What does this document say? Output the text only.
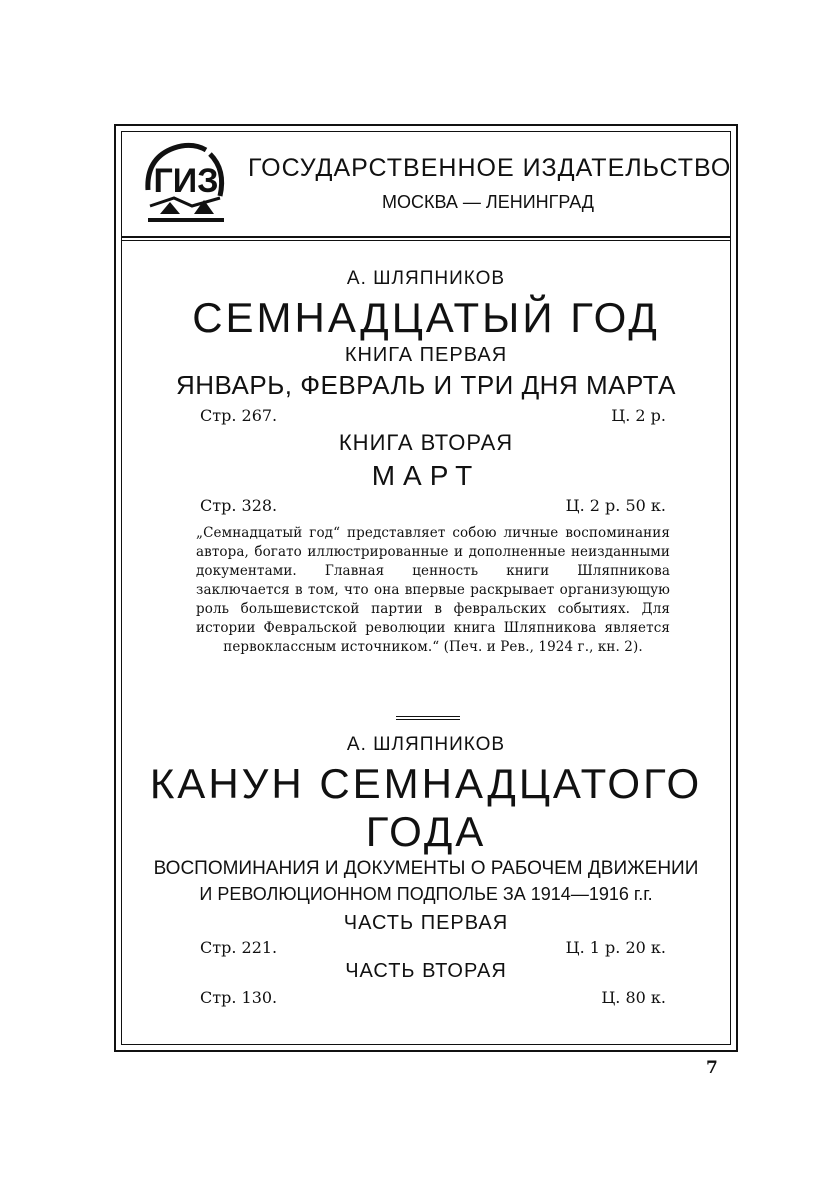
ГИЗ ГОСУДАРСТВЕННОЕ ИЗДАТЕЛЬСТВО
МОСКВА — ЛЕНИНГРАД
А. ШЛЯПНИКОВ
СЕМНАДЦАТЫЙ ГОД
КНИГА ПЕРВАЯ
ЯНВАРЬ, ФЕВРАЛЬ И ТРИ ДНЯ МАРТА
Стр. 267.	Ц. 2 р.
КНИГА ВТОРАЯ
МАРТ
Стр. 328.	Ц. 2 р. 50 к.
„Семнадцатый год“ представляет собою личные воспоминания автора, богато иллюстрированные и дополненные неизданными документами. Главная ценность книги Шляпникова заключается в том, что она впервые раскрывает организующую роль большевистской партии в февральских событиях. Для истории Февральской революции книга Шляпникова является первоклассным источником.“ (Печ. и Рев., 1924 г., кн. 2).
А. ШЛЯПНИКОВ
КАНУН СЕМНАДЦАТОГО
ГОДА
ВОСПОМИНАНИЯ И ДОКУМЕНТЫ О РАБОЧЕМ ДВИЖЕНИИ
И РЕВОЛЮЦИОННОМ ПОДПОЛЬЕ ЗА 1914—1916 г.г.
ЧАСТЬ ПЕРВАЯ
Стр. 221.	Ц. 1 р. 20 к.
ЧАСТЬ ВТОРАЯ
Стр. 130.	Ц. 80 к.
7
